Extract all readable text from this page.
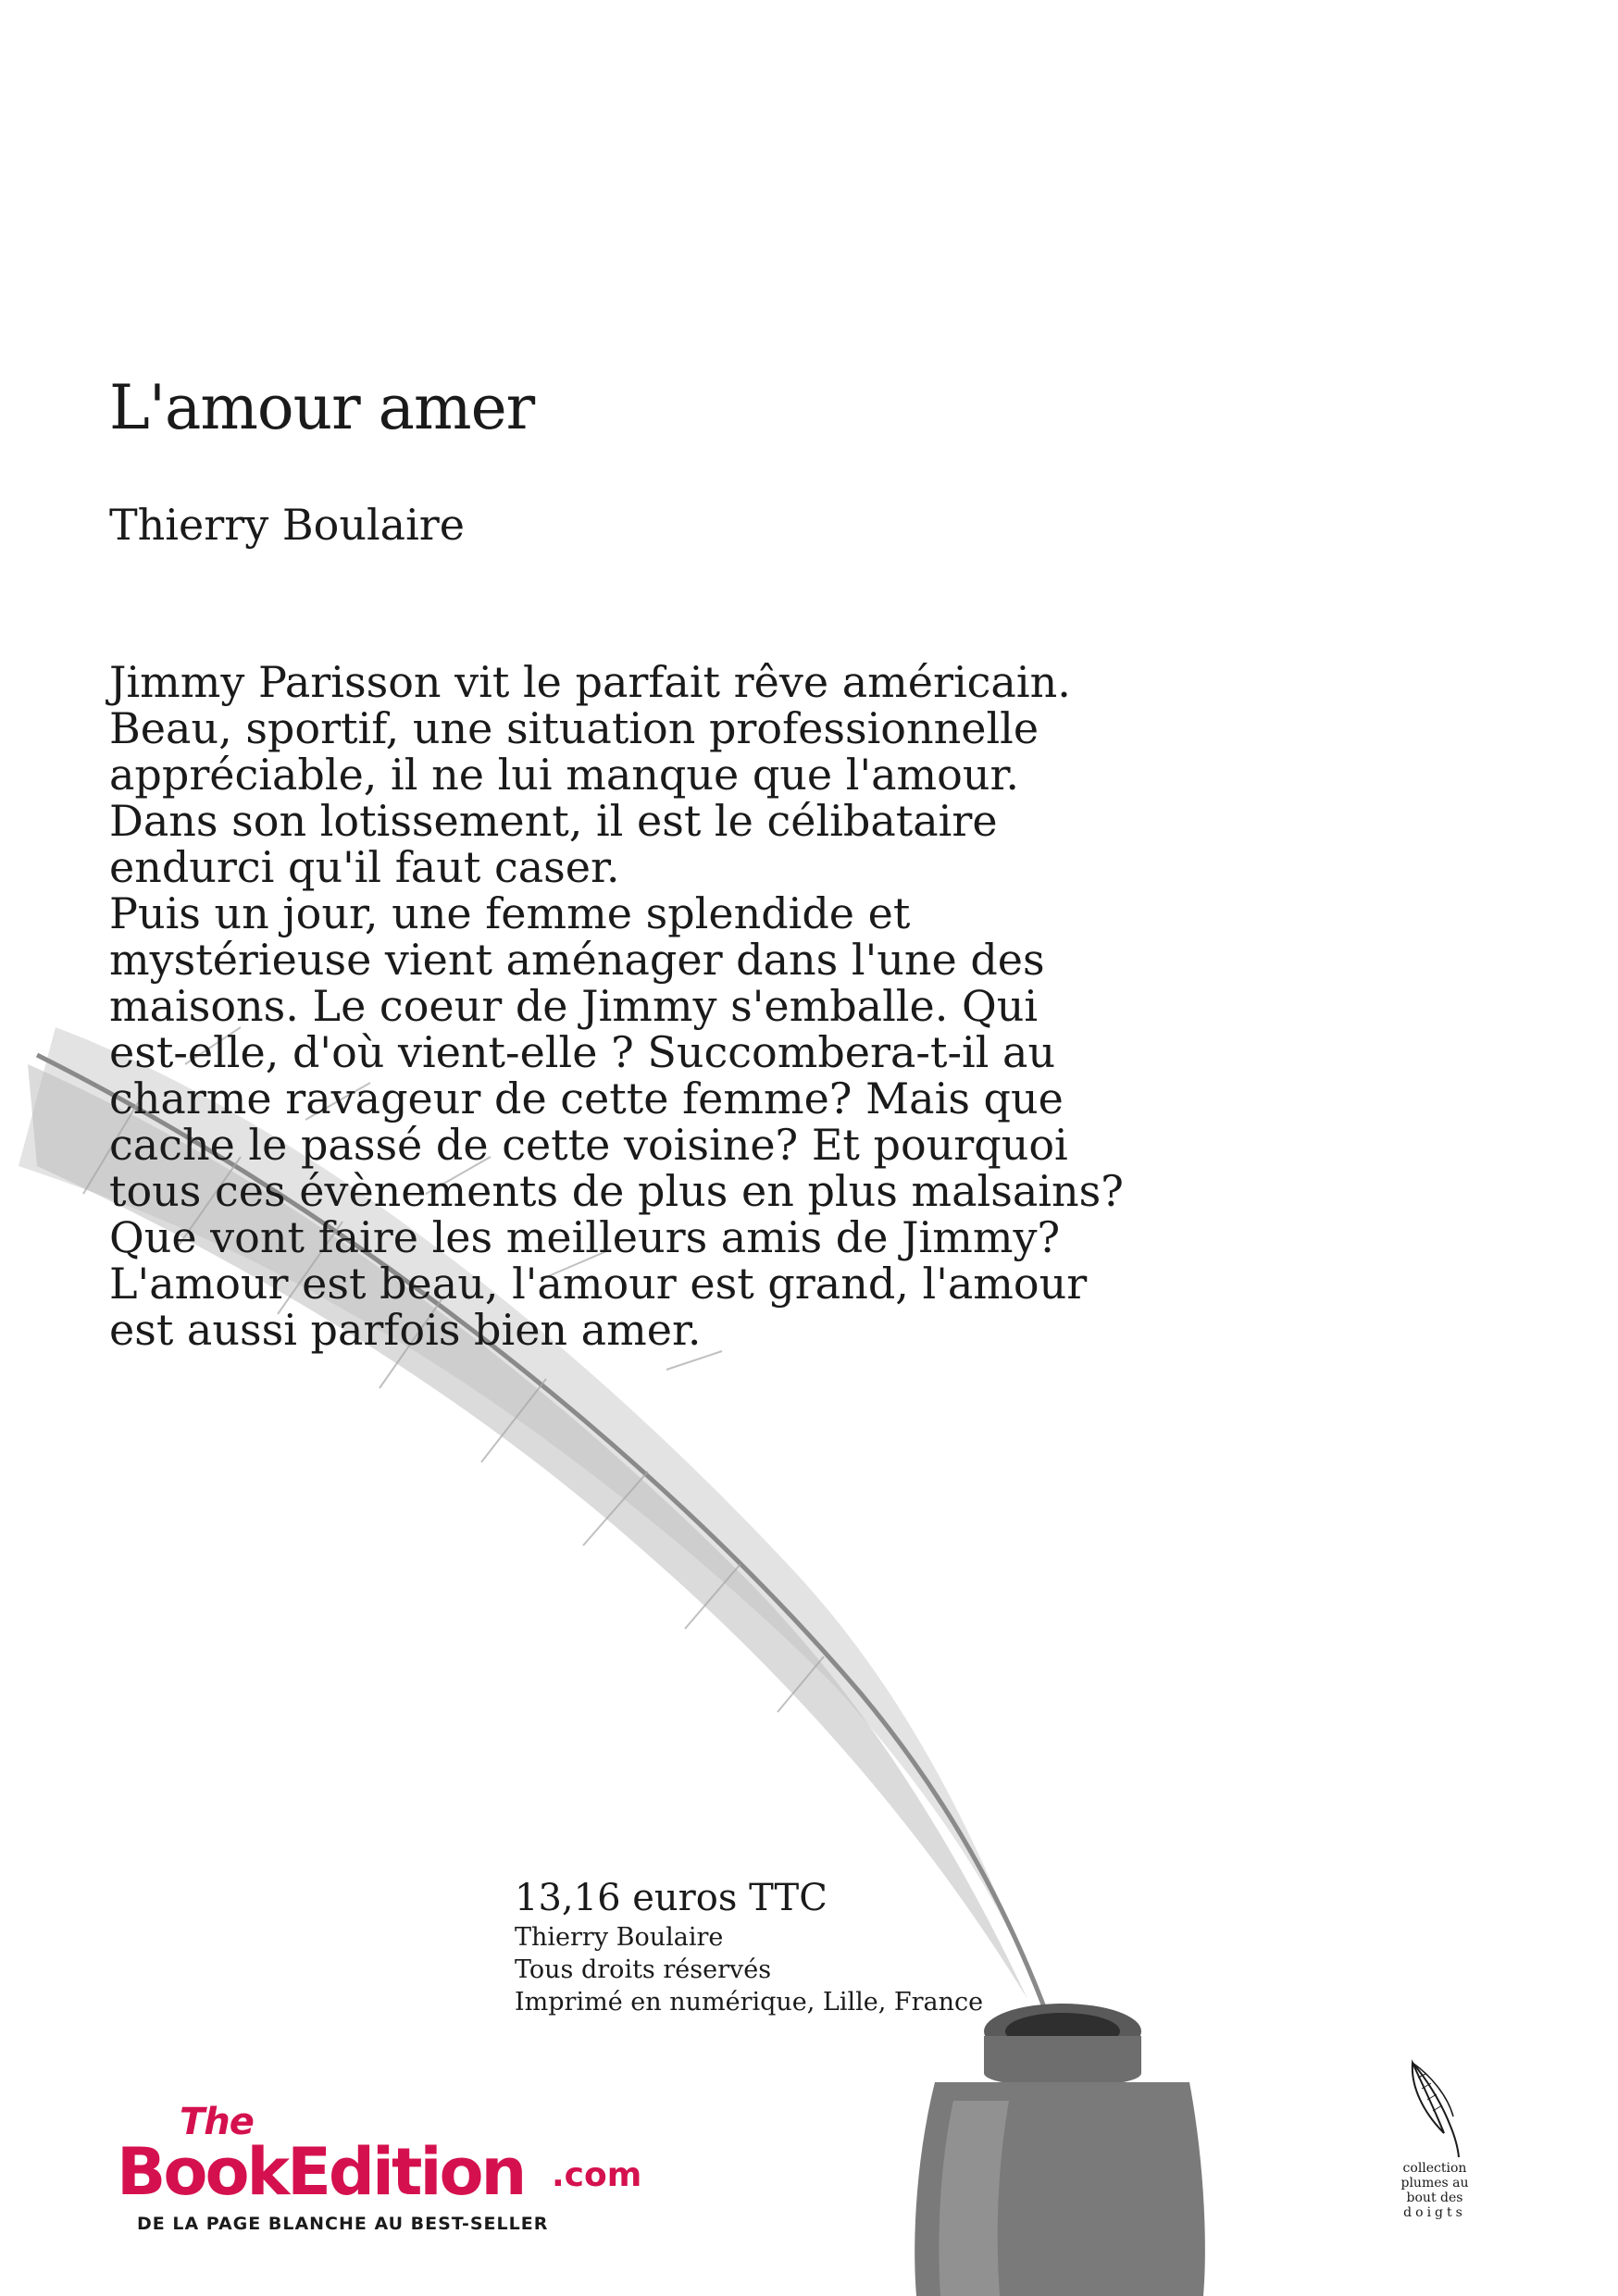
L'amour amer
Thierry Boulaire
Jimmy Parisson vit le parfait rêve américain.
Beau, sportif, une situation professionnelle
appréciable, il ne lui manque que l'amour.
Dans son lotissement, il est le célibataire
endurci qu'il faut caser.
Puis un jour, une femme splendide et
mystérieuse vient aménager dans l'une des
maisons. Le coeur de Jimmy s'emballe. Qui
est-elle, d'où vient-elle ? Succombera-t-il au
charme ravageur de cette femme? Mais que
cache le passé de cette voisine? Et pourquoi
tous ces évènements de plus en plus malsains?
Que vont faire les meilleurs amis de Jimmy?
L'amour est beau, l'amour est grand, l'amour
est aussi parfois bien amer.
13,16 euros TTC
Thierry Boulaire
Tous droits réservés
Imprimé en numérique, Lille, France
The
BookEdition .com
DE LA PAGE BLANCHE AU BEST-SELLER
collection
plumes au
bout des
doigts
